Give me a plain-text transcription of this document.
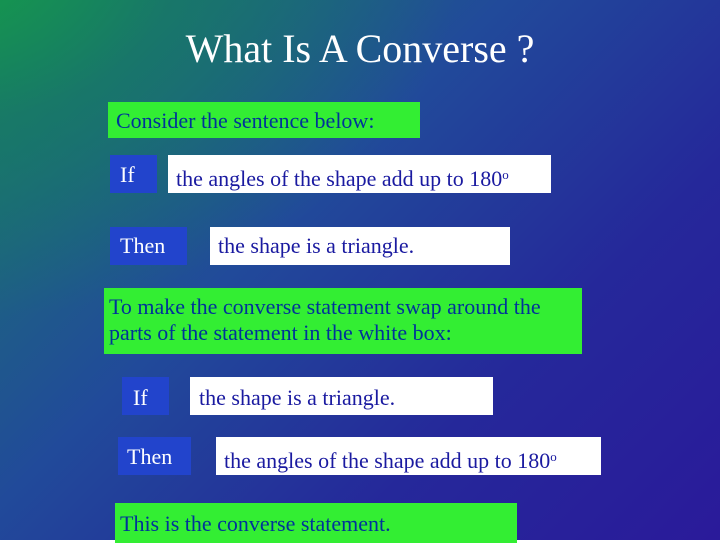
What Is A Converse ?
Consider the sentence below:
If	the angles of the shape add up to 180$^o$
Then	the shape is a triangle.
To make the converse statement swap around the parts of the statement in the white box:
If	the shape is a triangle.
Then	the angles of the shape add up to 180$^o$
This is the converse statement.
